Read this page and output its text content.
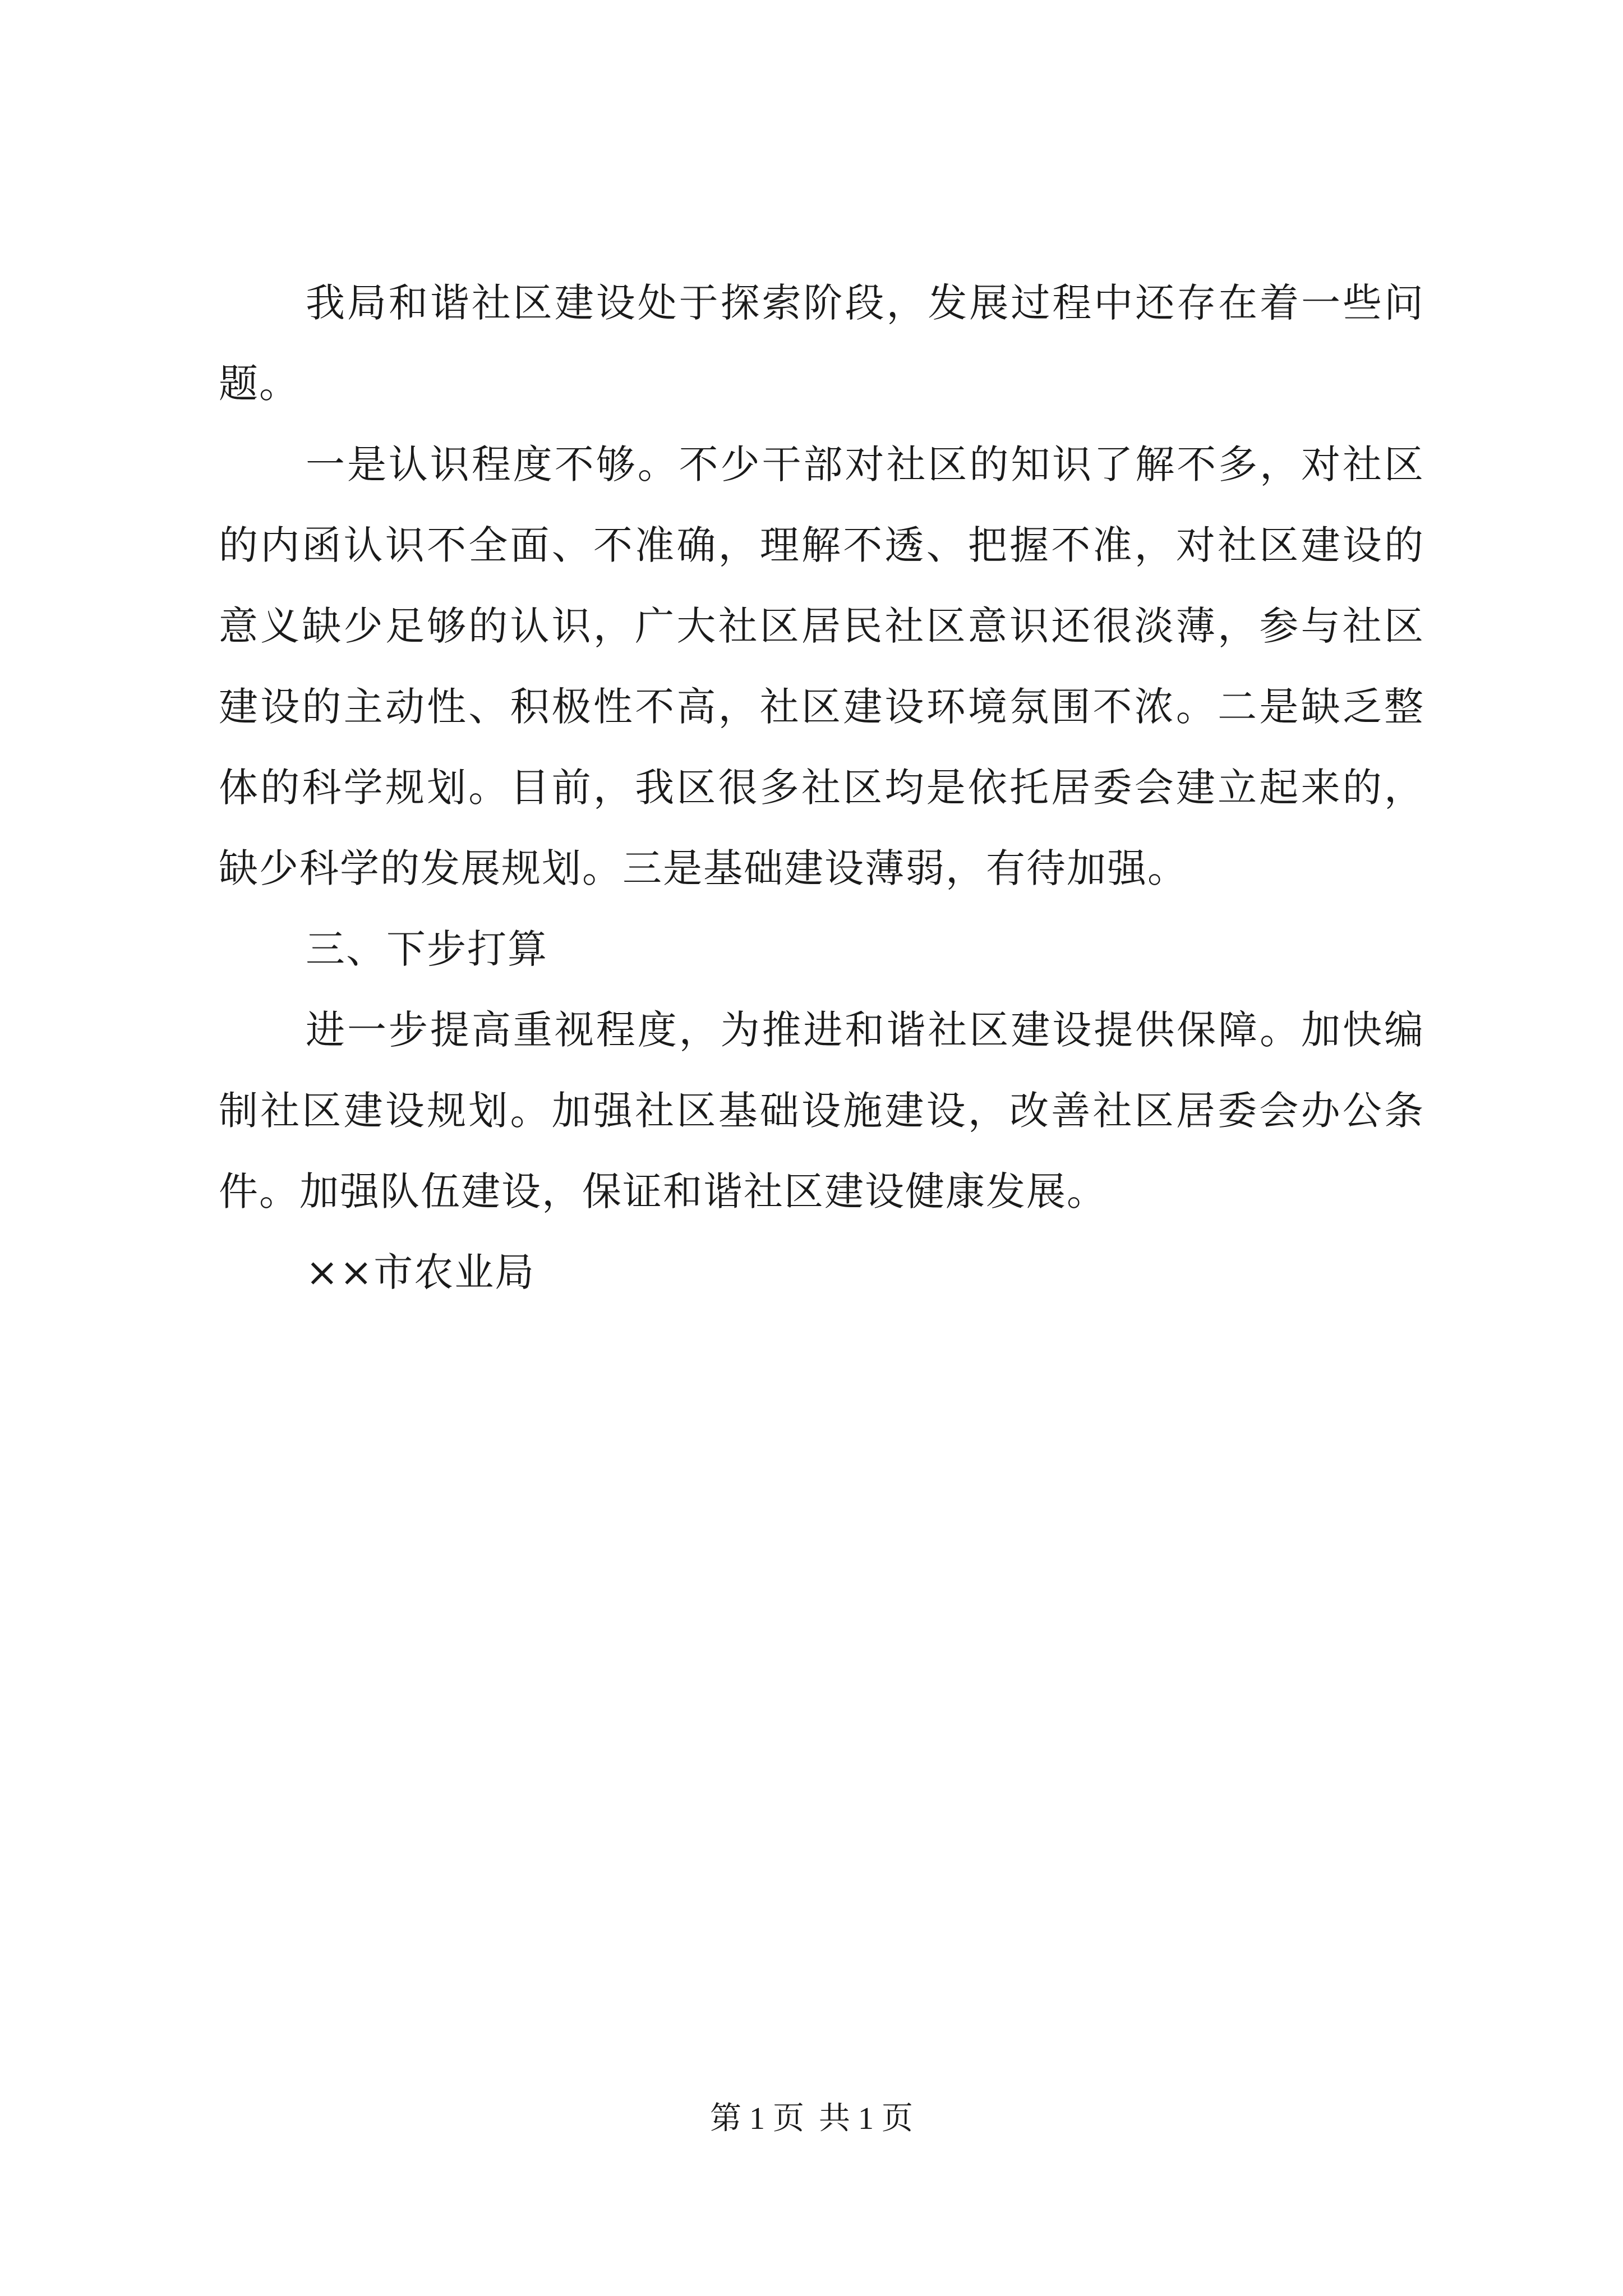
我局和谐社区建设处于探索阶段，发展过程中还存在着一些问题。

一是认识程度不够。不少干部对社区的知识了解不多，对社区的内函认识不全面、不准确，理解不透、把握不准，对社区建设的意义缺少足够的认识，广大社区居民社区意识还很淡薄，参与社区建设的主动性、积极性不高，社区建设环境氛围不浓。二是缺乏整体的科学规划。目前，我区很多社区均是依托居委会建立起来的，缺少科学的发展规划。三是基础建设薄弱，有待加强。

三、下步打算

进一步提高重视程度，为推进和谐社区建设提供保障。加快编制社区建设规划。加强社区基础设施建设，改善社区居委会办公条件。加强队伍建设，保证和谐社区建设健康发展。

××市农业局

第 1 页 共 1 页
